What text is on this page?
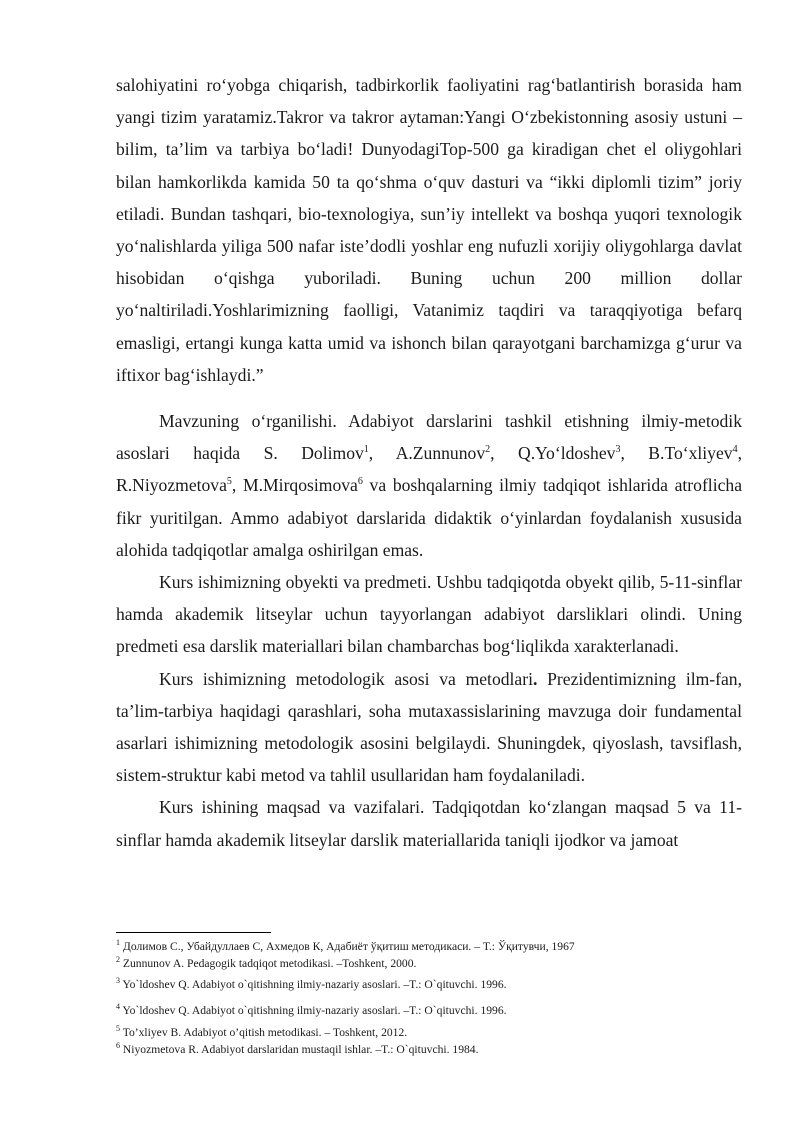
salohiyatini ro‘yobga chiqarish, tadbirkorlik faoliyatini rag‘batlantirish borasida ham yangi tizim yaratamiz.Takror va takror aytaman:Yangi O‘zbekistonning asosiy ustuni – bilim, ta’lim va tarbiya bo‘ladi! DunyodagiTop-500 ga kiradigan chet el oliygohlari bilan hamkorlikda kamida 50 ta qo‘shma o‘quv dasturi va “ikki diplomli tizim” joriy etiladi. Bundan tashqari, bio-texnologiya, sun’iy intellekt va boshqa yuqori texnologik yo‘nalishlarda yiliga 500 nafar iste’dodli yoshlar eng nufuzli xorijiy oliygohlarga davlat hisobidan o‘qishga yuboriladi. Buning uchun 200 million dollar yo‘naltiriladi.Yoshlarimizning faolligi, Vatanimiz taqdiri va taraqqiyotiga befarq emasligi, ertangi kunga katta umid va ishonch bilan qarayotgani barchamizga g‘urur va iftixor bag‘ishlaydi.”

Mavzuning o‘rganilishi. Adabiyot darslarini tashkil etishning ilmiy-metodik asoslari haqida S. Dolimov$^1$, A.Zunnunov$^2$, Q.Yo‘ldoshev$^3$, B.To‘xliyev$^4$, R.Niyozmetova$^5$, M.Mirqosimova$^6$ va boshqalarning ilmiy tadqiqot ishlarida atroflicha fikr yuritilgan. Ammo adabiyot darslarida didaktik o‘yinlardan foydalanish xususida alohida tadqiqotlar amalga oshirilgan emas.

Kurs ishimizning obyekti va predmeti. Ushbu tadqiqotda obyekt qilib, 5-11-sinflar hamda akademik litseylar uchun tayyorlangan adabiyot darsliklari olindi. Uning predmeti esa darslik materiallari bilan chambarchas bog‘liqlikda xarakterlanadi.

Kurs ishimizning metodologik asosi va metodlari. Prezidentimizning ilm-fan, ta’lim-tarbiya haqidagi qarashlari, soha mutaxassislarining mavzuga doir fundamental asarlari ishimizning metodologik asosini belgilaydi. Shuningdek, qiyoslash, tavsiflash, sistem-struktur kabi metod va tahlil usullaridan ham foydalaniladi.

Kurs ishining maqsad va vazifalari. Tadqiqotdan ko‘zlangan maqsad 5 va 11-sinflar hamda akademik litseylar darslik materiallarida taniqli ijodkor va jamoat

$^1$ Долимов С., Убайдуллаев С, Ахмедов К, Адабиёт ўқитиш методикаси. – Т.: Ўқитувчи, 1967
$^2$ Zunnunov A. Pedagogik tadqiqot metodikasi. –Toshkent, 2000.
$^3$ Yo`ldoshev Q. Adabiyot o`qitishning ilmiy-nazariy asoslari. –T.: O`qituvchi. 1996.
$^4$ Yo`ldoshev Q. Adabiyot o`qitishning ilmiy-nazariy asoslari. –T.: O`qituvchi. 1996.
$^5$ To’xliyev B. Adabiyot o’qitish metodikasi. – Toshkent, 2012.
$^6$ Niyozmetova R. Adabiyot darslaridan mustaqil ishlar. –T.: O`qituvchi. 1984.
